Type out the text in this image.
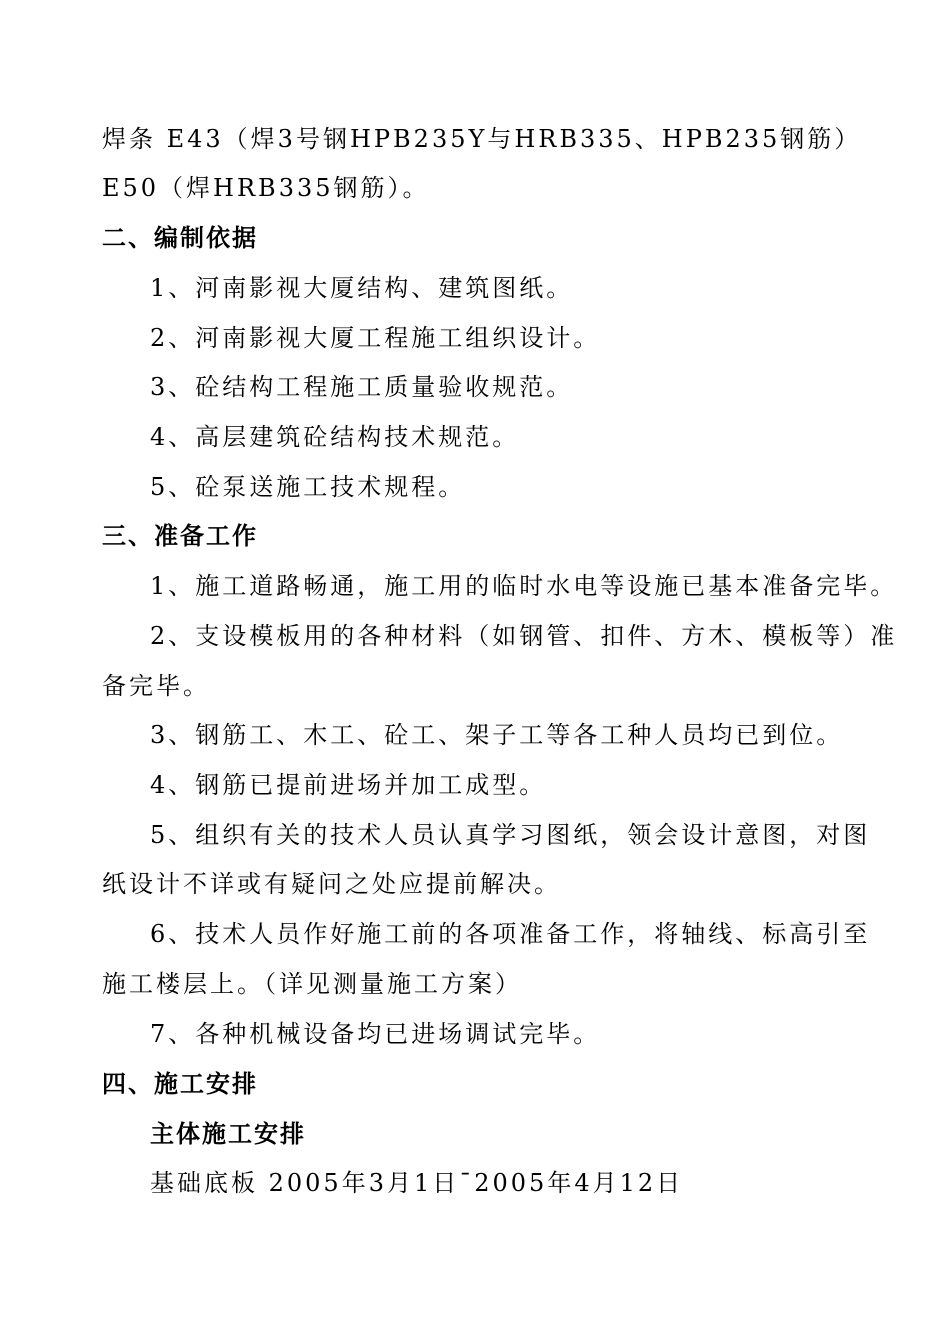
焊条 E43（焊3号钢HPB235Y与HRB335、HPB235钢筋）
E50（焊HRB335钢筋）。
二、编制依据
1、河南影视大厦结构、建筑图纸。
2、河南影视大厦工程施工组织设计。
3、砼结构工程施工质量验收规范。
4、高层建筑砼结构技术规范。
5、砼泵送施工技术规程。
三、准备工作
1、施工道路畅通，施工用的临时水电等设施已基本准备完毕。
2、支设模板用的各种材料（如钢管、扣件、方木、模板等）准
备完毕。
3、钢筋工、木工、砼工、架子工等各工种人员均已到位。
4、钢筋已提前进场并加工成型。
5、组织有关的技术人员认真学习图纸，领会设计意图，对图
纸设计不详或有疑问之处应提前解决。
6、技术人员作好施工前的各项准备工作，将轴线、标高引至
施工楼层上。（详见测量施工方案）
7、各种机械设备均已进场调试完毕。
四、施工安排
主体施工安排
基础底板 2005年3月1日¯2005年4月12日
